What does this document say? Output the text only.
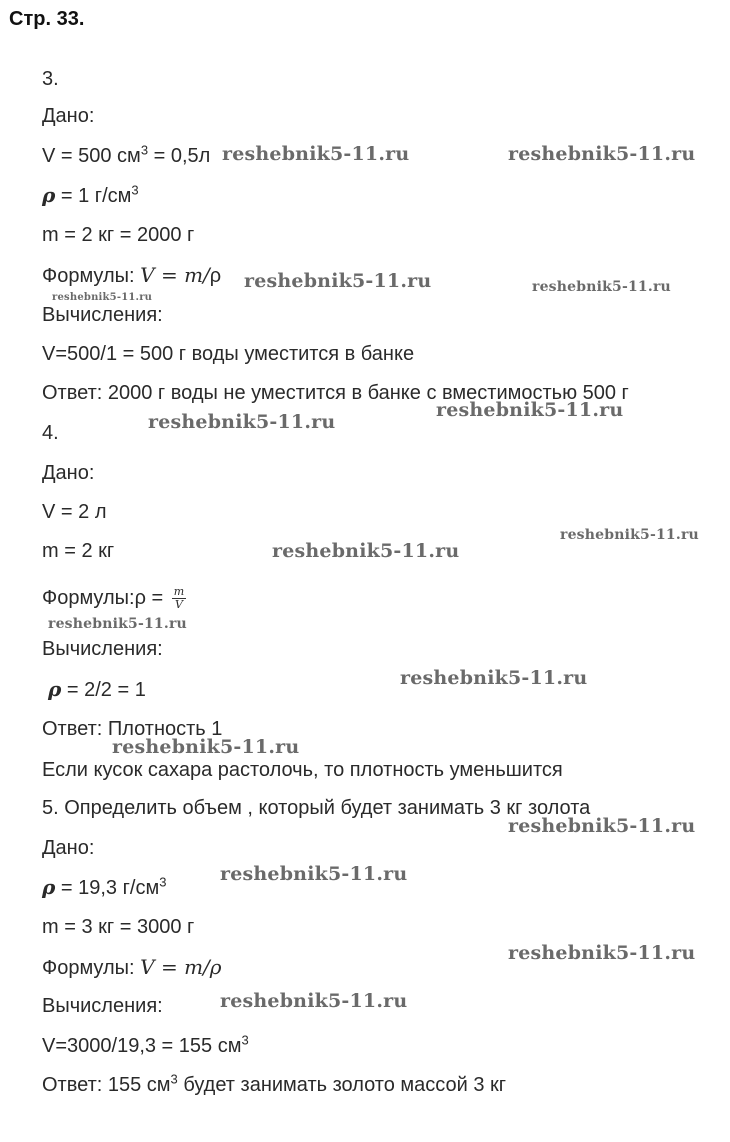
Стр. 33.
3.
Дано:
V = 500 $см^3 = 0,5л$
ρ = 1 $г/см^3$
m = 2 кг = 2000 г
Формулы: V = m/ρ
Вычисления:
V=500/1 = 500 г воды уместится в банке
Ответ: 2000 г воды не уместится в банке с вместимостью 500 г
4.
Дано:
V = 2 л
m = 2 кг
Формулы:ρ = $\frac{m}{V}$
Вычисления:
ρ = 2/2 = 1
Ответ: Плотность 1
Если кусок сахара растолочь, то плотность уменьшится
5. Определить объем , который будет занимать 3 кг золота
Дано:
ρ = 19,3 $г/см^3$
m = 3 кг = 3000 г
Формулы: V = m/ρ
Вычисления:
V=3000/19,3 = 155 $см^3$
Ответ: 155 $см^3$ будет занимать золото массой 3 кг
reshebnik5-11.ru	reshebnik5-11.ru
reshebnik5-11.ru
reshebnik5-11.ru
reshebnik5-11.ru
reshebnik5-11.ru
reshebnik5-11.ru
reshebnik5-11.ru
reshebnik5-11.ru
reshebnik5-11.ru
reshebnik5-11.ru
reshebnik5-11.ru
reshebnik5-11.ru
reshebnik5-11.ru
reshebnik5-11.ru
reshebnik5-11.ru
